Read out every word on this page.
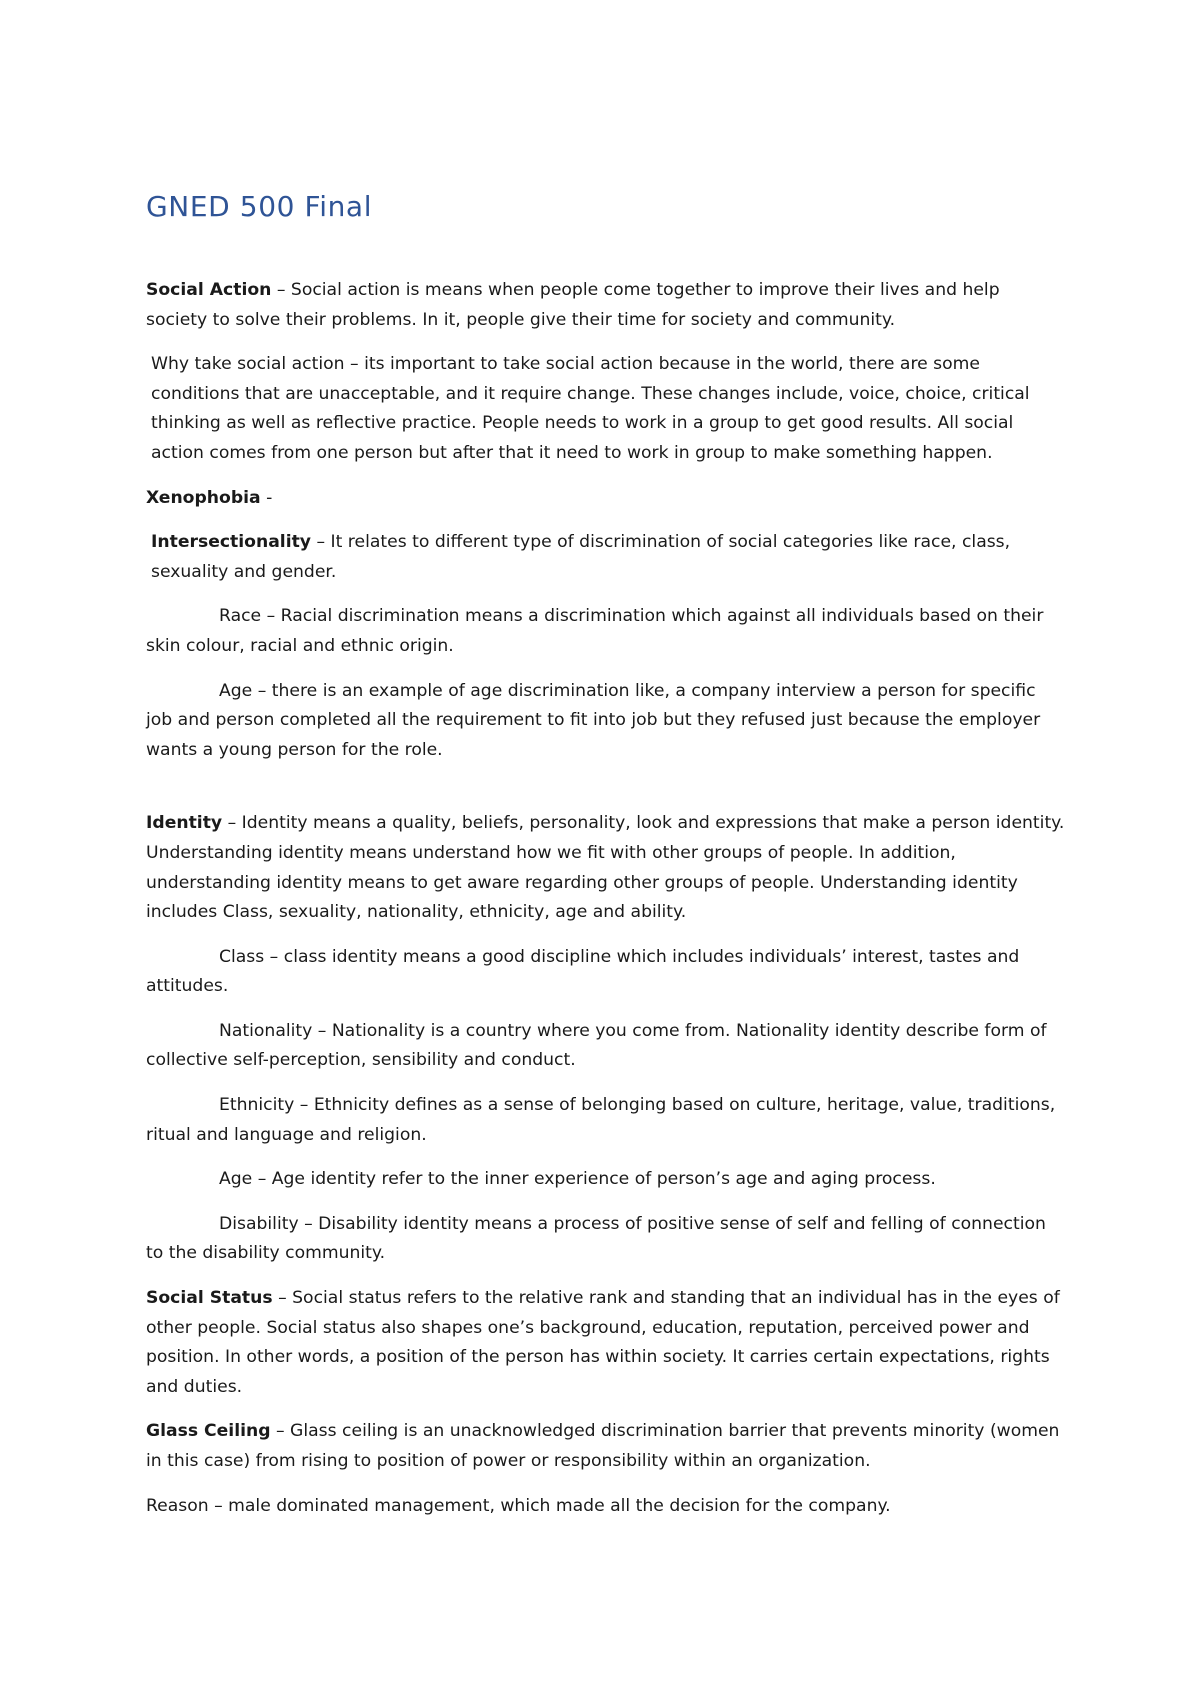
GNED 500 Final

Social Action – Social action is means when people come together to improve their lives and help society to solve their problems. In it, people give their time for society and community.

Why take social action – its important to take social action because in the world, there are some conditions that are unacceptable, and it require change. These changes include, voice, choice, critical thinking as well as reflective practice. People needs to work in a group to get good results. All social action comes from one person but after that it need to work in group to make something happen.

Xenophobia -

Intersectionality – It relates to different type of discrimination of social categories like race, class, sexuality and gender.

Race – Racial discrimination means a discrimination which against all individuals based on their skin colour, racial and ethnic origin.

Age – there is an example of age discrimination like, a company interview a person for specific job and person completed all the requirement to fit into job but they refused just because the employer wants a young person for the role.

Identity – Identity means a quality, beliefs, personality, look and expressions that make a person identity. Understanding identity means understand how we fit with other groups of people. In addition, understanding identity means to get aware regarding other groups of people. Understanding identity includes Class, sexuality, nationality, ethnicity, age and ability.

Class – class identity means a good discipline which includes individuals’ interest, tastes and attitudes.

Nationality – Nationality is a country where you come from. Nationality identity describe form of collective self-perception, sensibility and conduct.

Ethnicity – Ethnicity defines as a sense of belonging based on culture, heritage, value, traditions, ritual and language and religion.

Age – Age identity refer to the inner experience of person’s age and aging process.

Disability – Disability identity means a process of positive sense of self and felling of connection to the disability community.

Social Status – Social status refers to the relative rank and standing that an individual has in the eyes of other people. Social status also shapes one’s background, education, reputation, perceived power and position. In other words, a position of the person has within society. It carries certain expectations, rights and duties.

Glass Ceiling – Glass ceiling is an unacknowledged discrimination barrier that prevents minority (women in this case) from rising to position of power or responsibility within an organization.

Reason – male dominated management, which made all the decision for the company.
